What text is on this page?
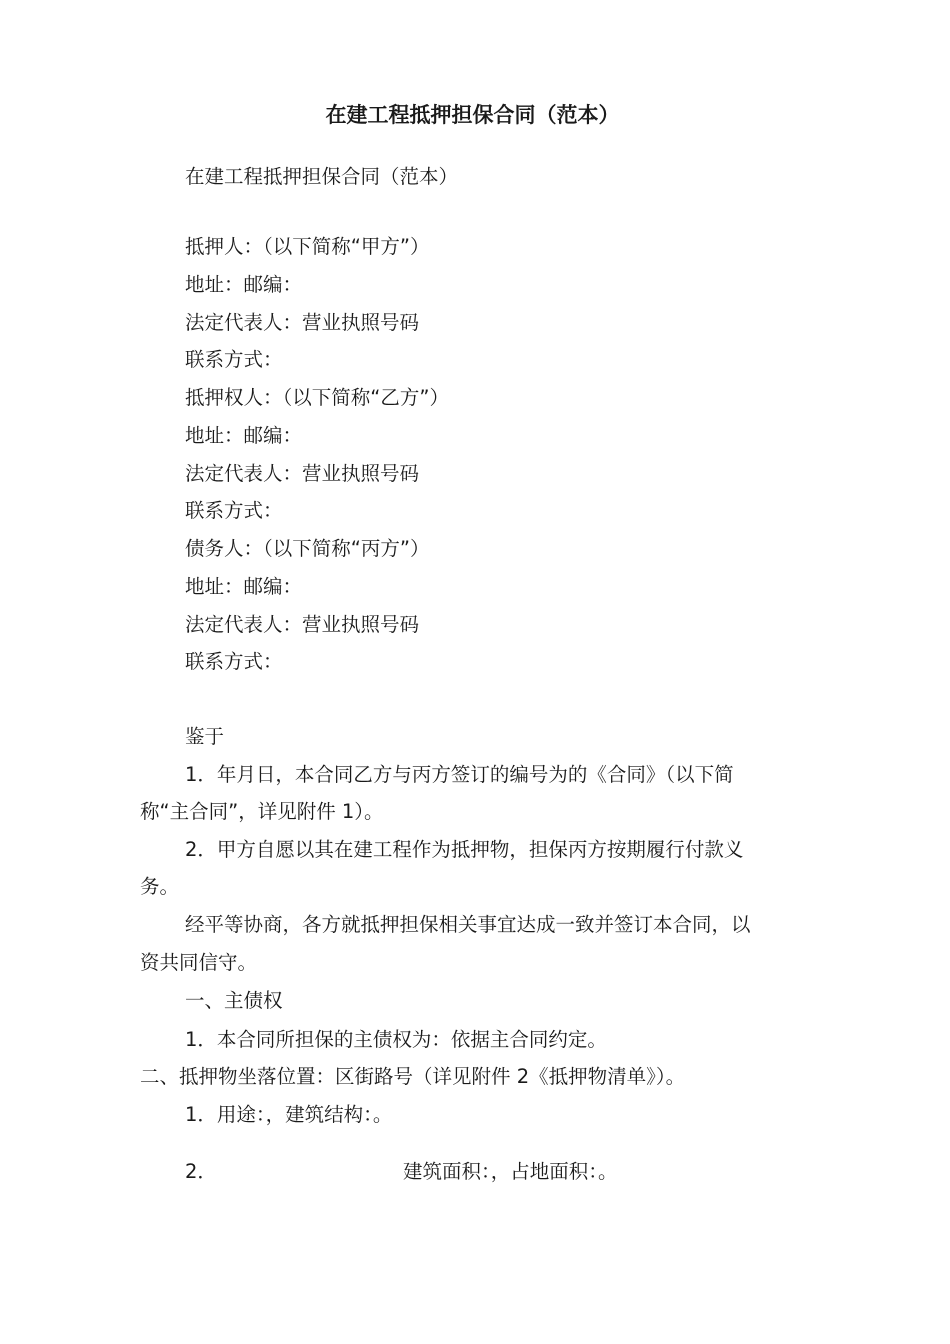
在建工程抵押担保合同（范本）
在建工程抵押担保合同（范本）
抵押人：（以下简称“甲方”）
地址：邮编：
法定代表人：营业执照号码
联系方式：
抵押权人：（以下简称“乙方”）
地址：邮编：
法定代表人：营业执照号码
联系方式：
债务人：（以下简称“丙方”）
地址：邮编：
法定代表人：营业执照号码
联系方式：
鉴于
1．年月日，本合同乙方与丙方签订的编号为的《合同》（以下简
称“主合同”，详见附件 1）。
2．甲方自愿以其在建工程作为抵押物，担保丙方按期履行付款义
务。
经平等协商，各方就抵押担保相关事宜达成一致并签订本合同，以
资共同信守。
一、主债权
1．本合同所担保的主债权为：依据主合同约定。
二、抵押物坐落位置：区街路号（详见附件 2《抵押物清单》）。
1．用途：，建筑结构：。
2．	建筑面积：，占地面积：。
